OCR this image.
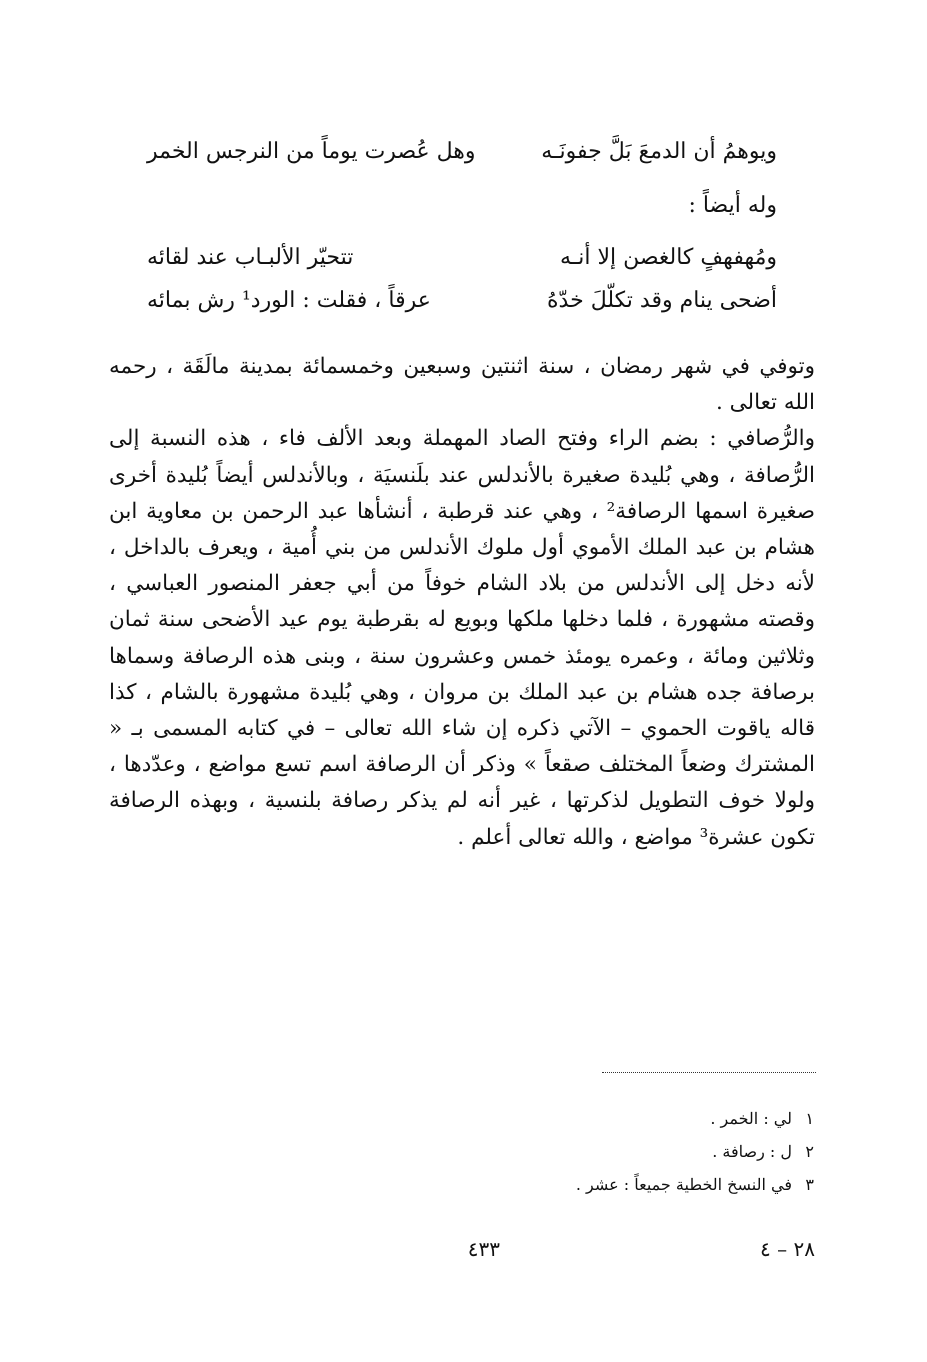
ويوهمُ أن الدمعَ بَلَّ جفونَـه
وهل عُصرت يوماً من النرجس الخمر
وله أيضاً :
ومُهفهفٍ كالغصن إلا أنـه
تتحيّر الألبـاب عند لقائه
أضحى ينام وقد تكلّلَ خدّهُ
عرقاً ، فقلت : الورد¹ رش بمائه

وتوفي في شهر رمضان ، سنة اثنتين وسبعين وخمسمائة بمدينة مالَقَة ، رحمه الله تعالى .

والرُّصافي : بضم الراء وفتح الصاد المهملة وبعد الألف فاء ، هذه النسبة إلى الرُّصافة ، وهي بُليدة صغيرة بالأندلس عند بلَنسيَة ، وبالأندلس أيضاً بُليدة أخرى صغيرة اسمها الرصافة² ، وهي عند قرطبة ، أنشأها عبد الرحمن بن معاوية ابن هشام بن عبد الملك الأموي أول ملوك الأندلس من بني أُمية ، ويعرف بالداخل ، لأنه دخل إلى الأندلس من بلاد الشام خوفاً من أبي جعفر المنصور العباسي ، وقصته مشهورة ، فلما دخلها ملكها وبويع له بقرطبة يوم عيد الأضحى سنة ثمان وثلاثين ومائة ، وعمره يومئذ خمس وعشرون سنة ، وبنى هذه الرصافة وسماها برصافة جده هشام بن عبد الملك بن مروان ، وهي بُليدة مشهورة بالشام ، كذا قاله ياقوت الحموي – الآتي ذكره إن شاء الله تعالى – في كتابه المسمى بـ « المشترك وضعاً المختلف صقعاً » وذكر أن الرصافة اسم تسع مواضع ، وعدّدها ، ولولا خوف التطويل لذكرتها ، غير أنه لم يذكر رصافة بلنسية ، وبهذه الرصافة تكون عشرة³ مواضع ، والله تعالى أعلم .

١
لي : الخمر .
٢
ل : رصافة .
٣
في النسخ الخطية جميعاً : عشر .
٢٨ – ٤
٤٣٣
